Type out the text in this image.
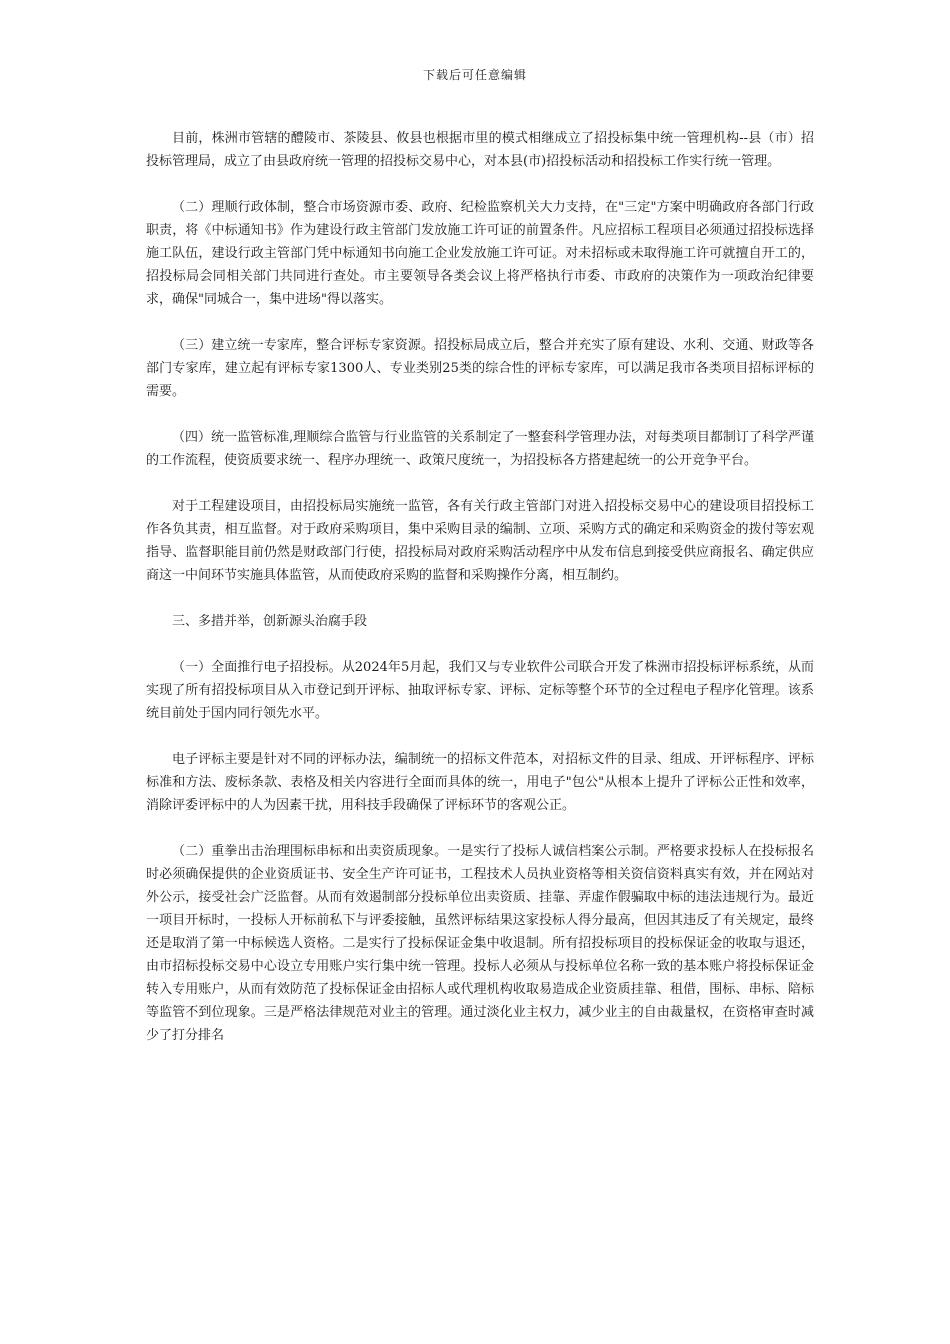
下载后可任意编辑

目前，株洲市管辖的醴陵市、茶陵县、攸县也根据市里的模式相继成立了招投标集中统一管理机构--县（市）招投标管理局，成立了由县政府统一管理的招投标交易中心，对本县(市)招投标活动和招投标工作实行统一管理。

（二）理顺行政体制，整合市场资源市委、政府、纪检监察机关大力支持，在"三定"方案中明确政府各部门行政职责，将《中标通知书》作为建设行政主管部门发放施工许可证的前置条件。凡应招标工程项目必须通过招投标选择施工队伍，建设行政主管部门凭中标通知书向施工企业发放施工许可证。对未招标或未取得施工许可就擅自开工的，招投标局会同相关部门共同进行查处。市主要领导各类会议上将严格执行市委、市政府的决策作为一项政治纪律要求，确保"同城合一，集中进场"得以落实。

（三）建立统一专家库，整合评标专家资源。招投标局成立后，整合并充实了原有建设、水利、交通、财政等各部门专家库，建立起有评标专家1300人、专业类别25类的综合性的评标专家库，可以满足我市各类项目招标评标的需要。

（四）统一监管标准,理顺综合监管与行业监管的关系制定了一整套科学管理办法，对每类项目都制订了科学严谨的工作流程，使资质要求统一、程序办理统一、政策尺度统一，为招投标各方搭建起统一的公开竞争平台。

对于工程建设项目，由招投标局实施统一监管，各有关行政主管部门对进入招投标交易中心的建设项目招投标工作各负其责，相互监督。对于政府采购项目，集中采购目录的编制、立项、采购方式的确定和采购资金的拨付等宏观指导、监督职能目前仍然是财政部门行使，招投标局对政府采购活动程序中从发布信息到接受供应商报名、确定供应商这一中间环节实施具体监管，从而使政府采购的监督和采购操作分离，相互制约。

三、多措并举，创新源头治腐手段

（一）全面推行电子招投标。从2024年5月起，我们又与专业软件公司联合开发了株洲市招投标评标系统，从而实现了所有招投标项目从入市登记到开评标、抽取评标专家、评标、定标等整个环节的全过程电子程序化管理。该系统目前处于国内同行领先水平。

电子评标主要是针对不同的评标办法，编制统一的招标文件范本，对招标文件的目录、组成、开评标程序、评标标准和方法、废标条款、表格及相关内容进行全面而具体的统一，用电子"包公"从根本上提升了评标公正性和效率，消除评委评标中的人为因素干扰，用科技手段确保了评标环节的客观公正。

（二）重拳出击治理围标串标和出卖资质现象。一是实行了投标人诚信档案公示制。严格要求投标人在投标报名时必须确保提供的企业资质证书、安全生产许可证书，工程技术人员执业资格等相关资信资料真实有效，并在网站对外公示，接受社会广泛监督。从而有效遏制部分投标单位出卖资质、挂靠、弄虚作假骗取中标的违法违规行为。最近一项目开标时，一投标人开标前私下与评委接触，虽然评标结果这家投标人得分最高，但因其违反了有关规定，最终还是取消了第一中标候选人资格。二是实行了投标保证金集中收退制。所有招投标项目的投标保证金的收取与退还，由市招标投标交易中心设立专用账户实行集中统一管理。投标人必须从与投标单位名称一致的基本账户将投标保证金转入专用账户，从而有效防范了投标保证金由招标人或代理机构收取易造成企业资质挂靠、租借，围标、串标、陪标等监管不到位现象。三是严格法律规范对业主的管理。通过淡化业主权力，减少业主的自由裁量权，在资格审查时减少了打分排名
